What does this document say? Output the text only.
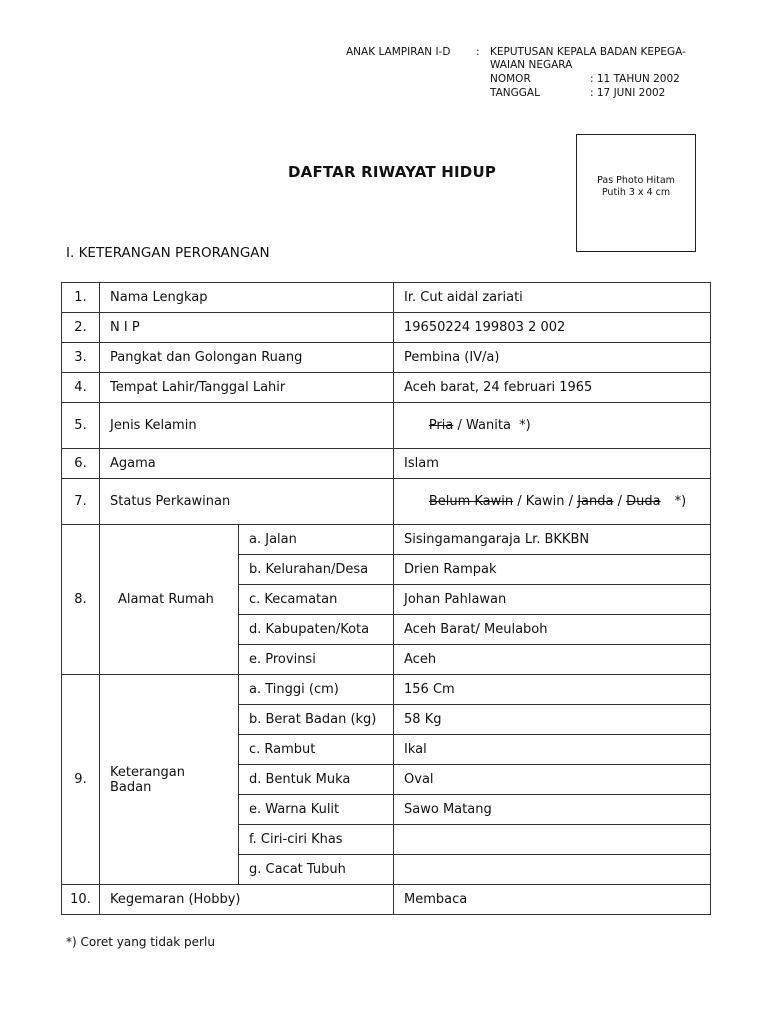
ANAK LAMPIRAN I-D : KEPUTUSAN KEPALA BADAN KEPEGA-
WAIAN NEGARA
NOMOR	: 11 TAHUN 2002
TANGGAL	: 17 JUNI 2002
DAFTAR RIWAYAT HIDUP	Pas Photo Hitam
Putih 3 x 4 cm
I. KETERANGAN PERORANGAN
1.	Nama Lengkap		Ir. Cut aidal zariati
2.	N I P		19650224 199803 2 002
3.	Pangkat dan Golongan Ruang		Pembina (IV/a)
4.	Tempat Lahir/Tanggal Lahir		Aceh barat, 24 februari 1965
5.	Jenis Kelamin		Pria / Wanita  *)

6.	Agama		Islam
7.	Status Perkawinan		Belum Kawin / Kawin / Janda / Duda *)

8.	Alamat Rumah	a. Jalan	Sisingamangaraja Lr. BKKBN
		b. Kelurahan/Desa	Drien Rampak
		c. Kecamatan	Johan Pahlawan
		d. Kabupaten/Kota	Aceh Barat/ Meulaboh
		e. Provinsi	Aceh
9.	Keterangan Badan	a. Tinggi (cm)	156 Cm
		b. Berat Badan (kg)	58 Kg
		c. Rambut	Ikal
		d. Bentuk Muka	Oval
		e. Warna Kulit	Sawo Matang
		f. Ciri-ciri Khas	
		g. Cacat Tubuh	
10.	Kegemaran (Hobby)		Membaca
*) Coret yang tidak perlu
